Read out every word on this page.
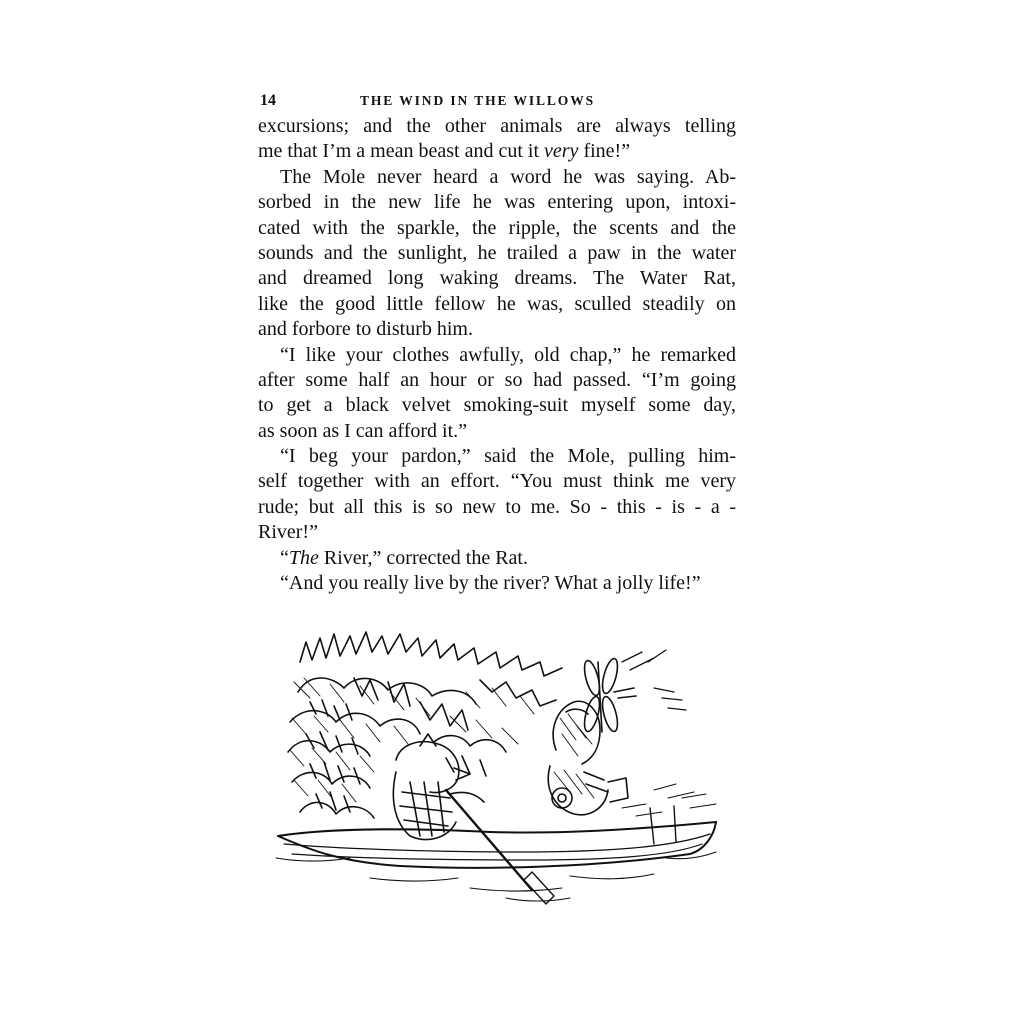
14	THE WIND IN THE WILLOWS
excursions; and the other animals are always telling
me that I’m a mean beast and cut it very fine!”
The Mole never heard a word he was saying. Ab-
sorbed in the new life he was entering upon, intoxi-
cated with the sparkle, the ripple, the scents and the
sounds and the sunlight, he trailed a paw in the water
and dreamed long waking dreams. The Water Rat,
like the good little fellow he was, sculled steadily on
and forbore to disturb him.
“I like your clothes awfully, old chap,” he remarked
after some half an hour or so had passed. “I’m going
to get a black velvet smoking-suit myself some day,
as soon as I can afford it.”
“I beg your pardon,” said the Mole, pulling him-
self together with an effort. “You must think me very
rude; but all this is so new to me. So - this - is - a -
River!”
“The River,” corrected the Rat.
“And you really live by the river? What a jolly life!”
